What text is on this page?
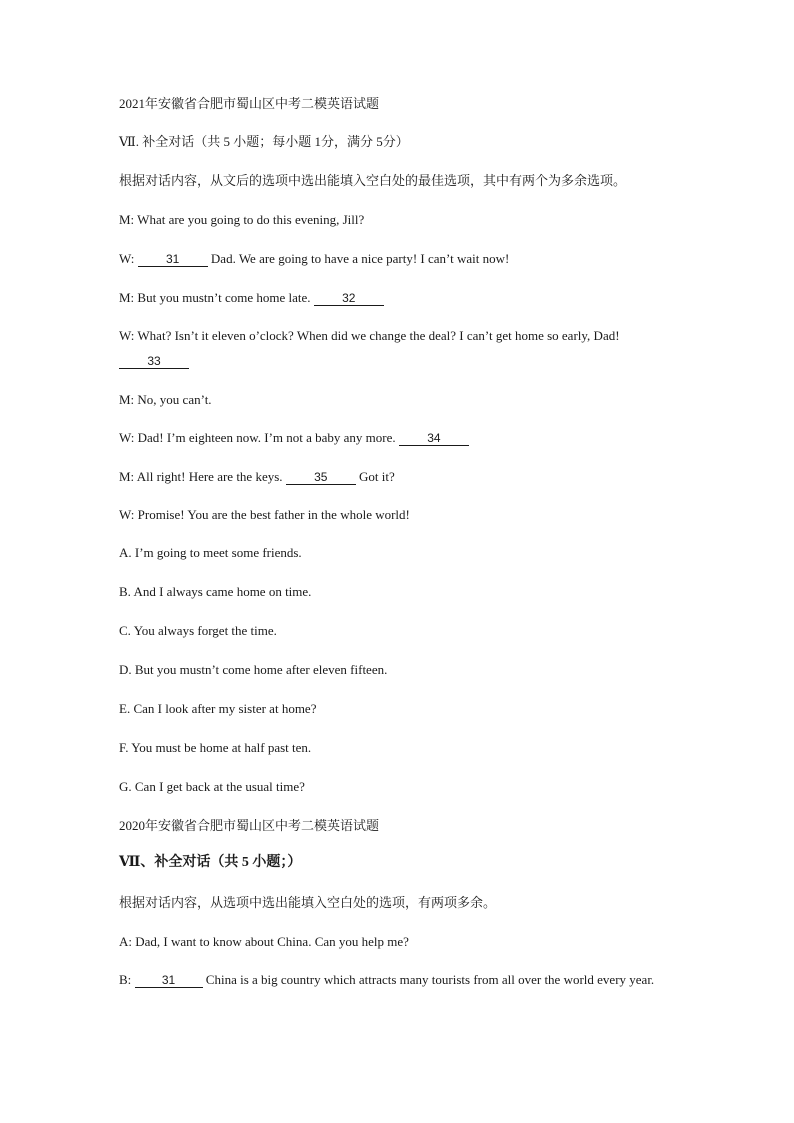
2021年安徽省合肥市蜀山区中考二模英语试题
Ⅶ. 补全对话（共 5 小题；每小题 1分，满分 5分）
根据对话内容，从文后的选项中选出能填入空白处的最佳选项，其中有两个为多余选项。
M: What are you going to do this evening, Jill?
W: 31 Dad. We are going to have a nice party! I can’t wait now!
M: But you mustn’t come home late. 32
W: What? Isn’t it eleven o’clock? When did we change the deal? I can’t get home so early, Dad!
33
M: No, you can’t.
W: Dad! I’m eighteen now. I’m not a baby any more. 34
M: All right! Here are the keys. 35 Got it?
W: Promise! You are the best father in the whole world!
A. I’m going to meet some friends.
B. And I always came home on time.
C. You always forget the time.
D. But you mustn’t come home after eleven fifteen.
E. Can I look after my sister at home?
F. You must be home at half past ten.
G. Can I get back at the usual time?
2020年安徽省合肥市蜀山区中考二模英语试题
Ⅶ、补全对话（共 5 小题；）
根据对话内容，从选项中选出能填入空白处的选项，有两项多余。
A: Dad, I want to know about China. Can you help me?
B: 31 China is a big country which attracts many tourists from all over the world every year.
